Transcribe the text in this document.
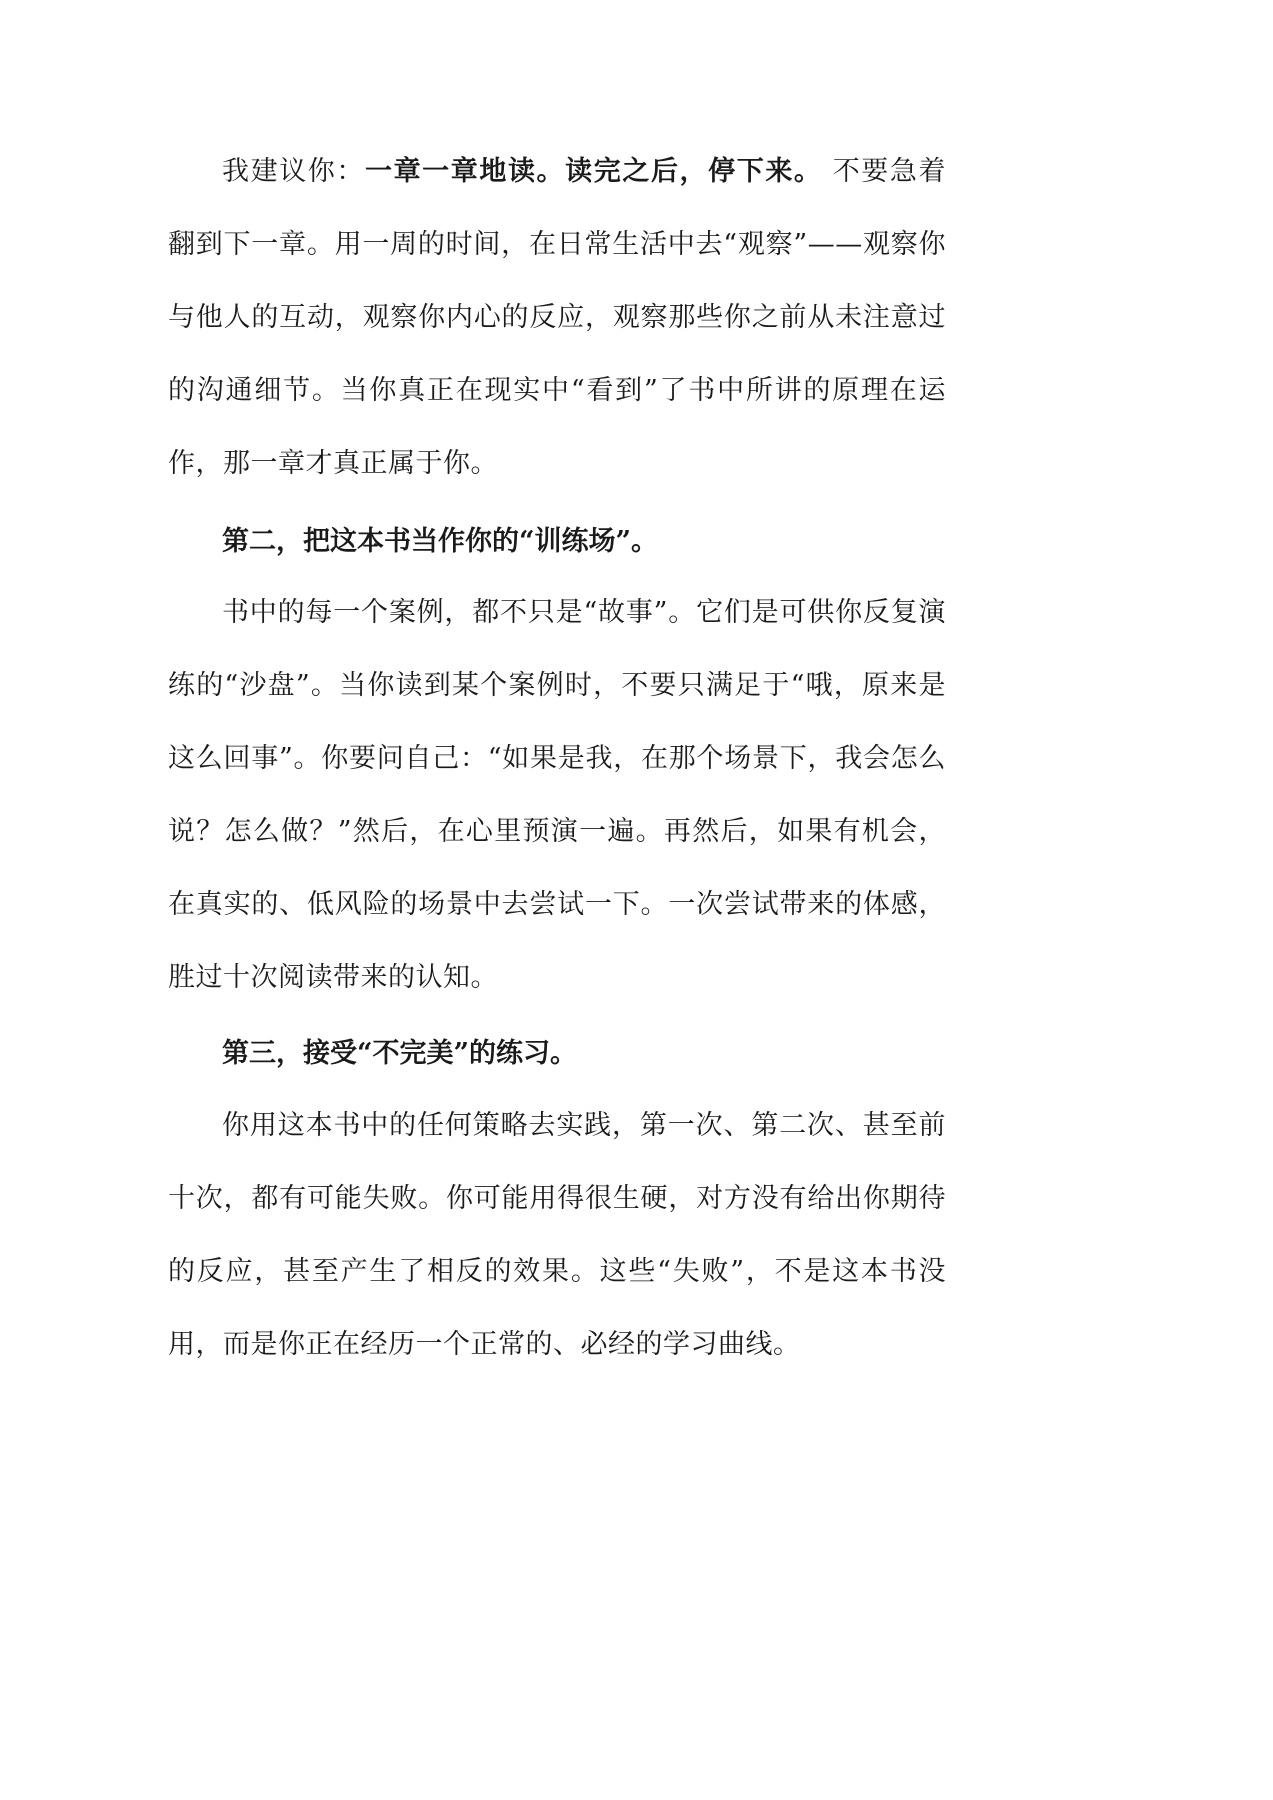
我建议你：一章一章地读。读完之后，停下来。 不要急着翻到下一章。用一周的时间，在日常生活中去“观察”——观察你与他人的互动，观察你内心的反应，观察那些你之前从未注意过的沟通细节。当你真正在现实中“看到”了书中所讲的原理在运作，那一章才真正属于你。

第二，把这本书当作你的“训练场”。

书中的每一个案例，都不只是“故事”。它们是可供你反复演练的“沙盘”。当你读到某个案例时，不要只满足于“哦，原来是这么回事”。你要问自己：“如果是我，在那个场景下，我会怎么说？怎么做？”然后，在心里预演一遍。再然后，如果有机会，在真实的、低风险的场景中去尝试一下。一次尝试带来的体感，胜过十次阅读带来的认知。

第三，接受“不完美”的练习。

你用这本书中的任何策略去实践，第一次、第二次、甚至前十次，都有可能失败。你可能用得很生硬，对方没有给出你期待的反应，甚至产生了相反的效果。这些“失败”，不是这本书没用，而是你正在经历一个正常的、必经的学习曲线。
